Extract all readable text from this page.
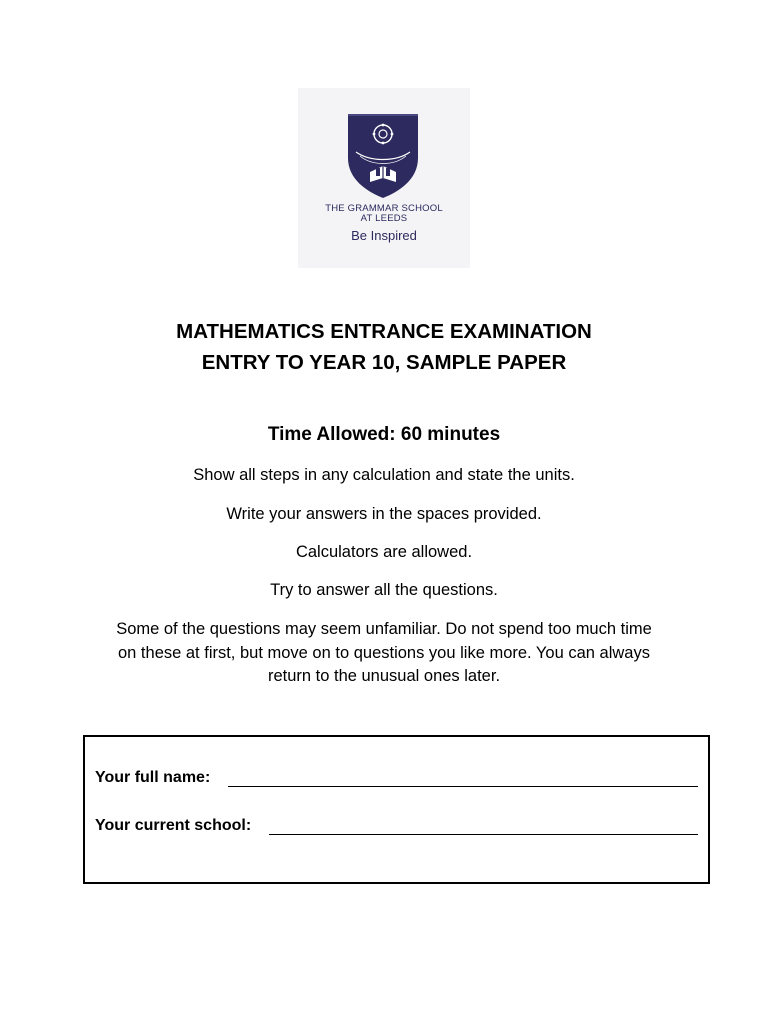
THE GRAMMAR SCHOOL
AT LEEDS
Be Inspired
MATHEMATICS ENTRANCE EXAMINATION
ENTRY TO YEAR 10, SAMPLE PAPER
Time Allowed: 60 minutes
Show all steps in any calculation and state the units.
Write your answers in the spaces provided.
Calculators are allowed.
Try to answer all the questions.
Some of the questions may seem unfamiliar. Do not spend too much time on these at first, but move on to questions you like more. You can always return to the unusual ones later.
Your full name:
Your current school:
